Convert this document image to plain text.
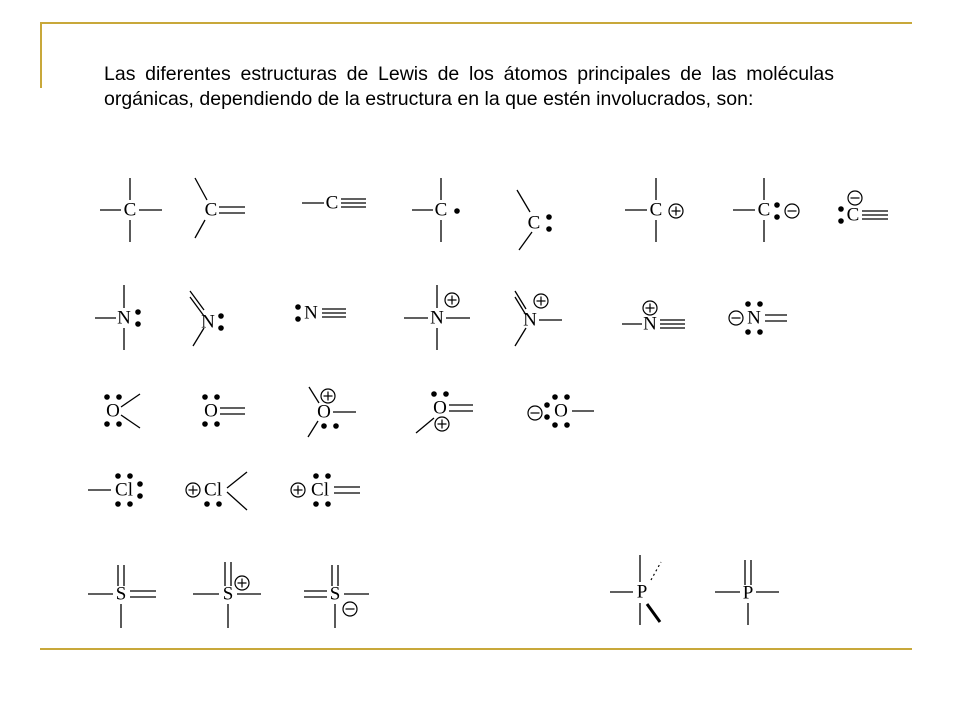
Las diferentes estructuras de Lewis de los átomos principales de las moléculas orgánicas, dependiendo de la estructura en la que estén involucrados, son:

C	C	C	C
C
C	C	C
N	N	N	N	N	N	N
O	O	O	O	O
Cl	Cl	Cl
S	S	S	P	P
